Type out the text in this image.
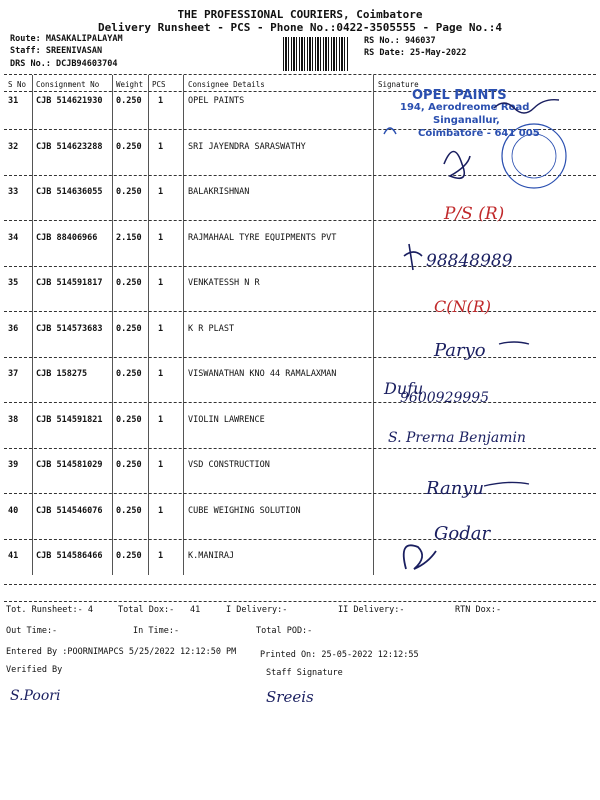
THE PROFESSIONAL COURIERS, Coimbatore
Delivery Runsheet - PCS - Phone No.:0422-3505555 - Page No.:4
Route: MASAKALIPALAYAM
Staff: SREENIVASAN
DRS No.: DCJB94603704
RS No.: 946037
RS Date: 25-May-2022
S No Consignment No Weight PCS	Consignee Details	Signature
31 CJB 514621930 0.250 1	OPEL PAINTS
32 CJB 514623288 0.250 1	SRI JAYENDRA SARASWATHY
33 CJB 514636055 0.250 1	BALAKRISHNAN
34 CJB 88406966 2.150 1	RAJMAHAAL TYRE EQUIPMENTS PVT
35 CJB 514591817 0.250 1	VENKATESSH N R
36 CJB 514573683 0.250 1	K R PLAST
37 CJB 158275	0.250 1	VISWANATHAN KNO 44 RAMALAXMAN
38 CJB 514591821 0.250 1	VIOLIN LAWRENCE
39 CJB 514581029 0.250 1	VSD CONSTRUCTION
40 CJB 514546076 0.250 1	CUBE WEIGHING SOLUTION
41 CJB 514586466 0.250 1	K.MANIRAJ
OPEL PAINTS
194, Aerodreome Road
Singanallur,
Coimbatore - 641 005
P/S (R)
98848989
C(N(R)
Paryo
Dufu
Ranyu
Godar
9600929995
S. Prerna Benjamin
Tot. Runsheet:- 4	Total Dox:- 41	I Delivery:-	II Delivery:-	RTN Dox:-
Out Time:-	In Time:-	Total POD:-
Entered By :POORNIMAPCS 5/25/2022 12:12:50 PM	Printed On: 25-05-2022 12:12:55
Verified By	Staff Signature
S.Poori	Sreeis
